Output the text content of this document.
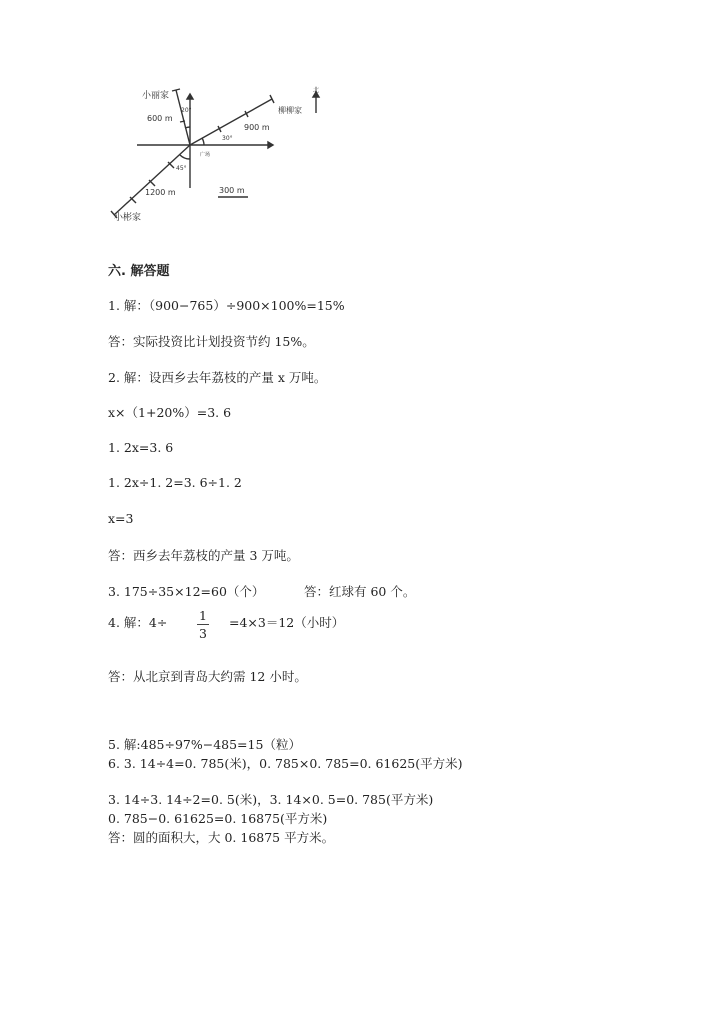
小丽家
柳柳家
小彬家
广场
北
600 m
900 m
1200 m
20°
30°
45°
300 m
六. 解答题
1. 解：（900−765）÷900×100%=15%
答：实际投资比计划投资节约 15%。
2. 解：设西乡去年荔枝的产量 x 万吨。
x×（1+20%）=3. 6
1. 2x=3. 6
1. 2x÷1. 2=3. 6÷1. 2
x=3
答：西乡去年荔枝的产量 3 万吨。
3. 175÷35×12=60（个）	答：红球有 60 个。
4. 解：4÷	1
3
=4×3＝12（小时）
答：从北京到青岛大约需 12 小时。
5. 解:485÷97%−485=15（粒）
6. 3. 14÷4=0. 785(米)，0. 785×0. 785=0. 61625(平方米)
3. 14÷3. 14÷2=0. 5(米)，3. 14×0. 5=0. 785(平方米)
0. 785−0. 61625=0. 16875(平方米)
答：圆的面积大，大 0. 16875 平方米。
